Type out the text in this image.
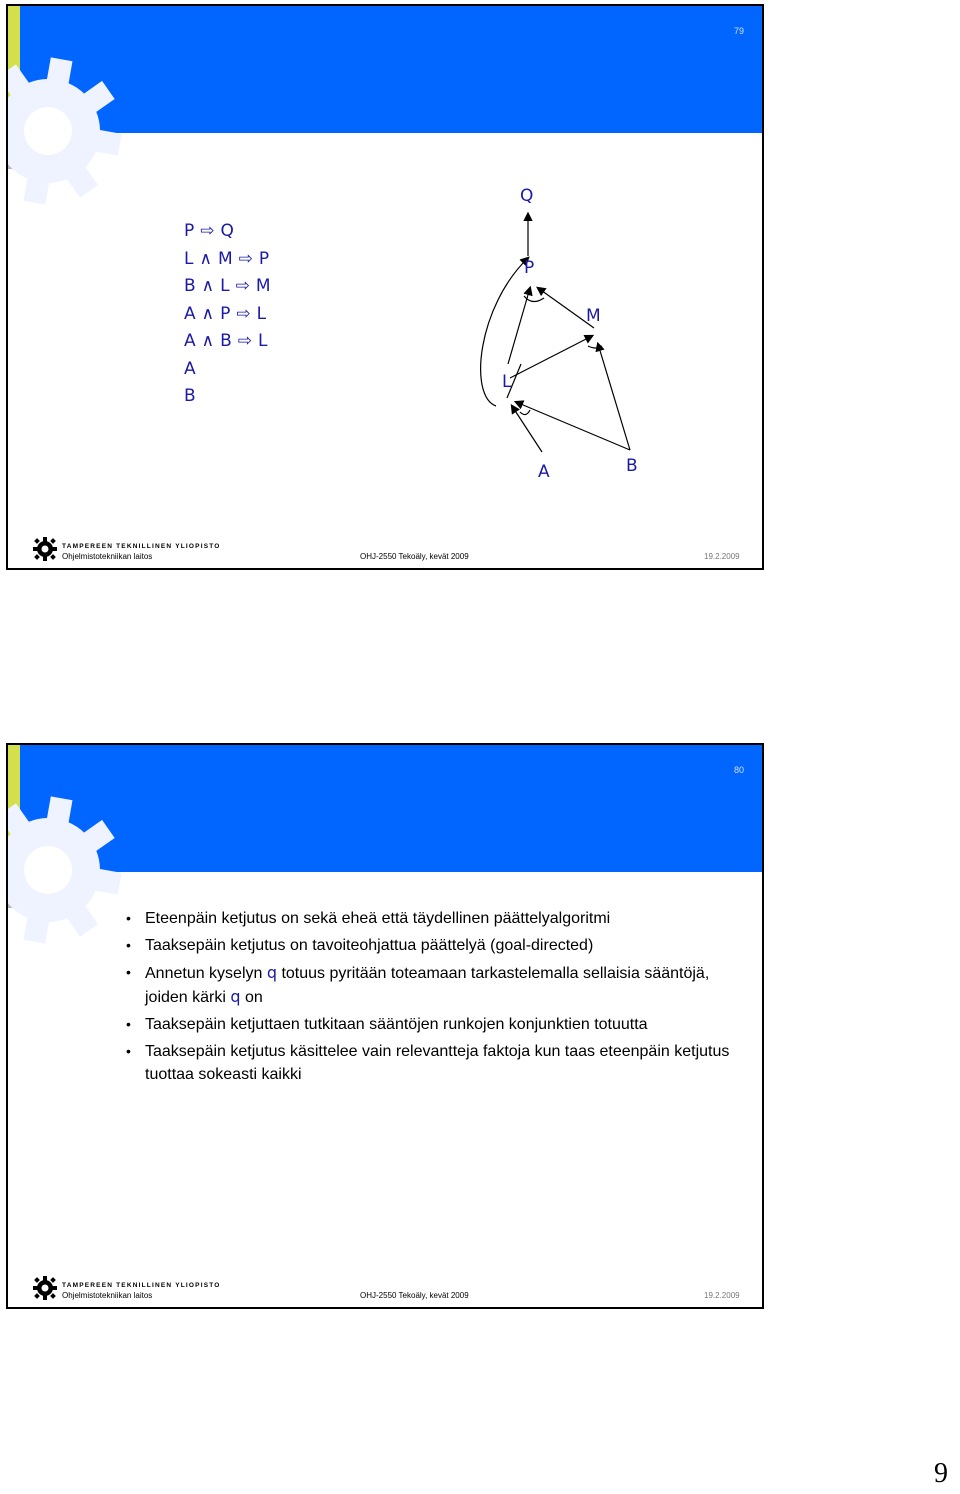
79
P ⇨ Q
L ∧ M ⇨ P
B ∧ L ⇨ M
A ∧ P ⇨ L
A ∧ B ⇨ L
A
B
Q
P
M
L
A	B
TAMPEREEN TEKNILLINEN YLIOPISTO
Ohjelmistotekniikan laitos	OHJ-2550 Tekoäly, kevät 2009	19.2.2009
80
• Eteenpäin ketjutus on sekä eheä että täydellinen päättelyalgoritmi
• Taaksepäin ketjutus on tavoiteohjattua päättelyä (goal-directed)
• Annetun kyselyn q totuus pyritään toteamaan tarkastelemalla sellaisia sääntöjä, joiden kärki q on
• Taaksepäin ketjuttaen tutkitaan sääntöjen runkojen konjunktien totuutta
• Taaksepäin ketjutus käsittelee vain relevantteja faktoja kun taas eteenpäin ketjutus tuottaa sokeasti kaikki
TAMPEREEN TEKNILLINEN YLIOPISTO
Ohjelmistotekniikan laitos	OHJ-2550 Tekoäly, kevät 2009	19.2.2009
9
